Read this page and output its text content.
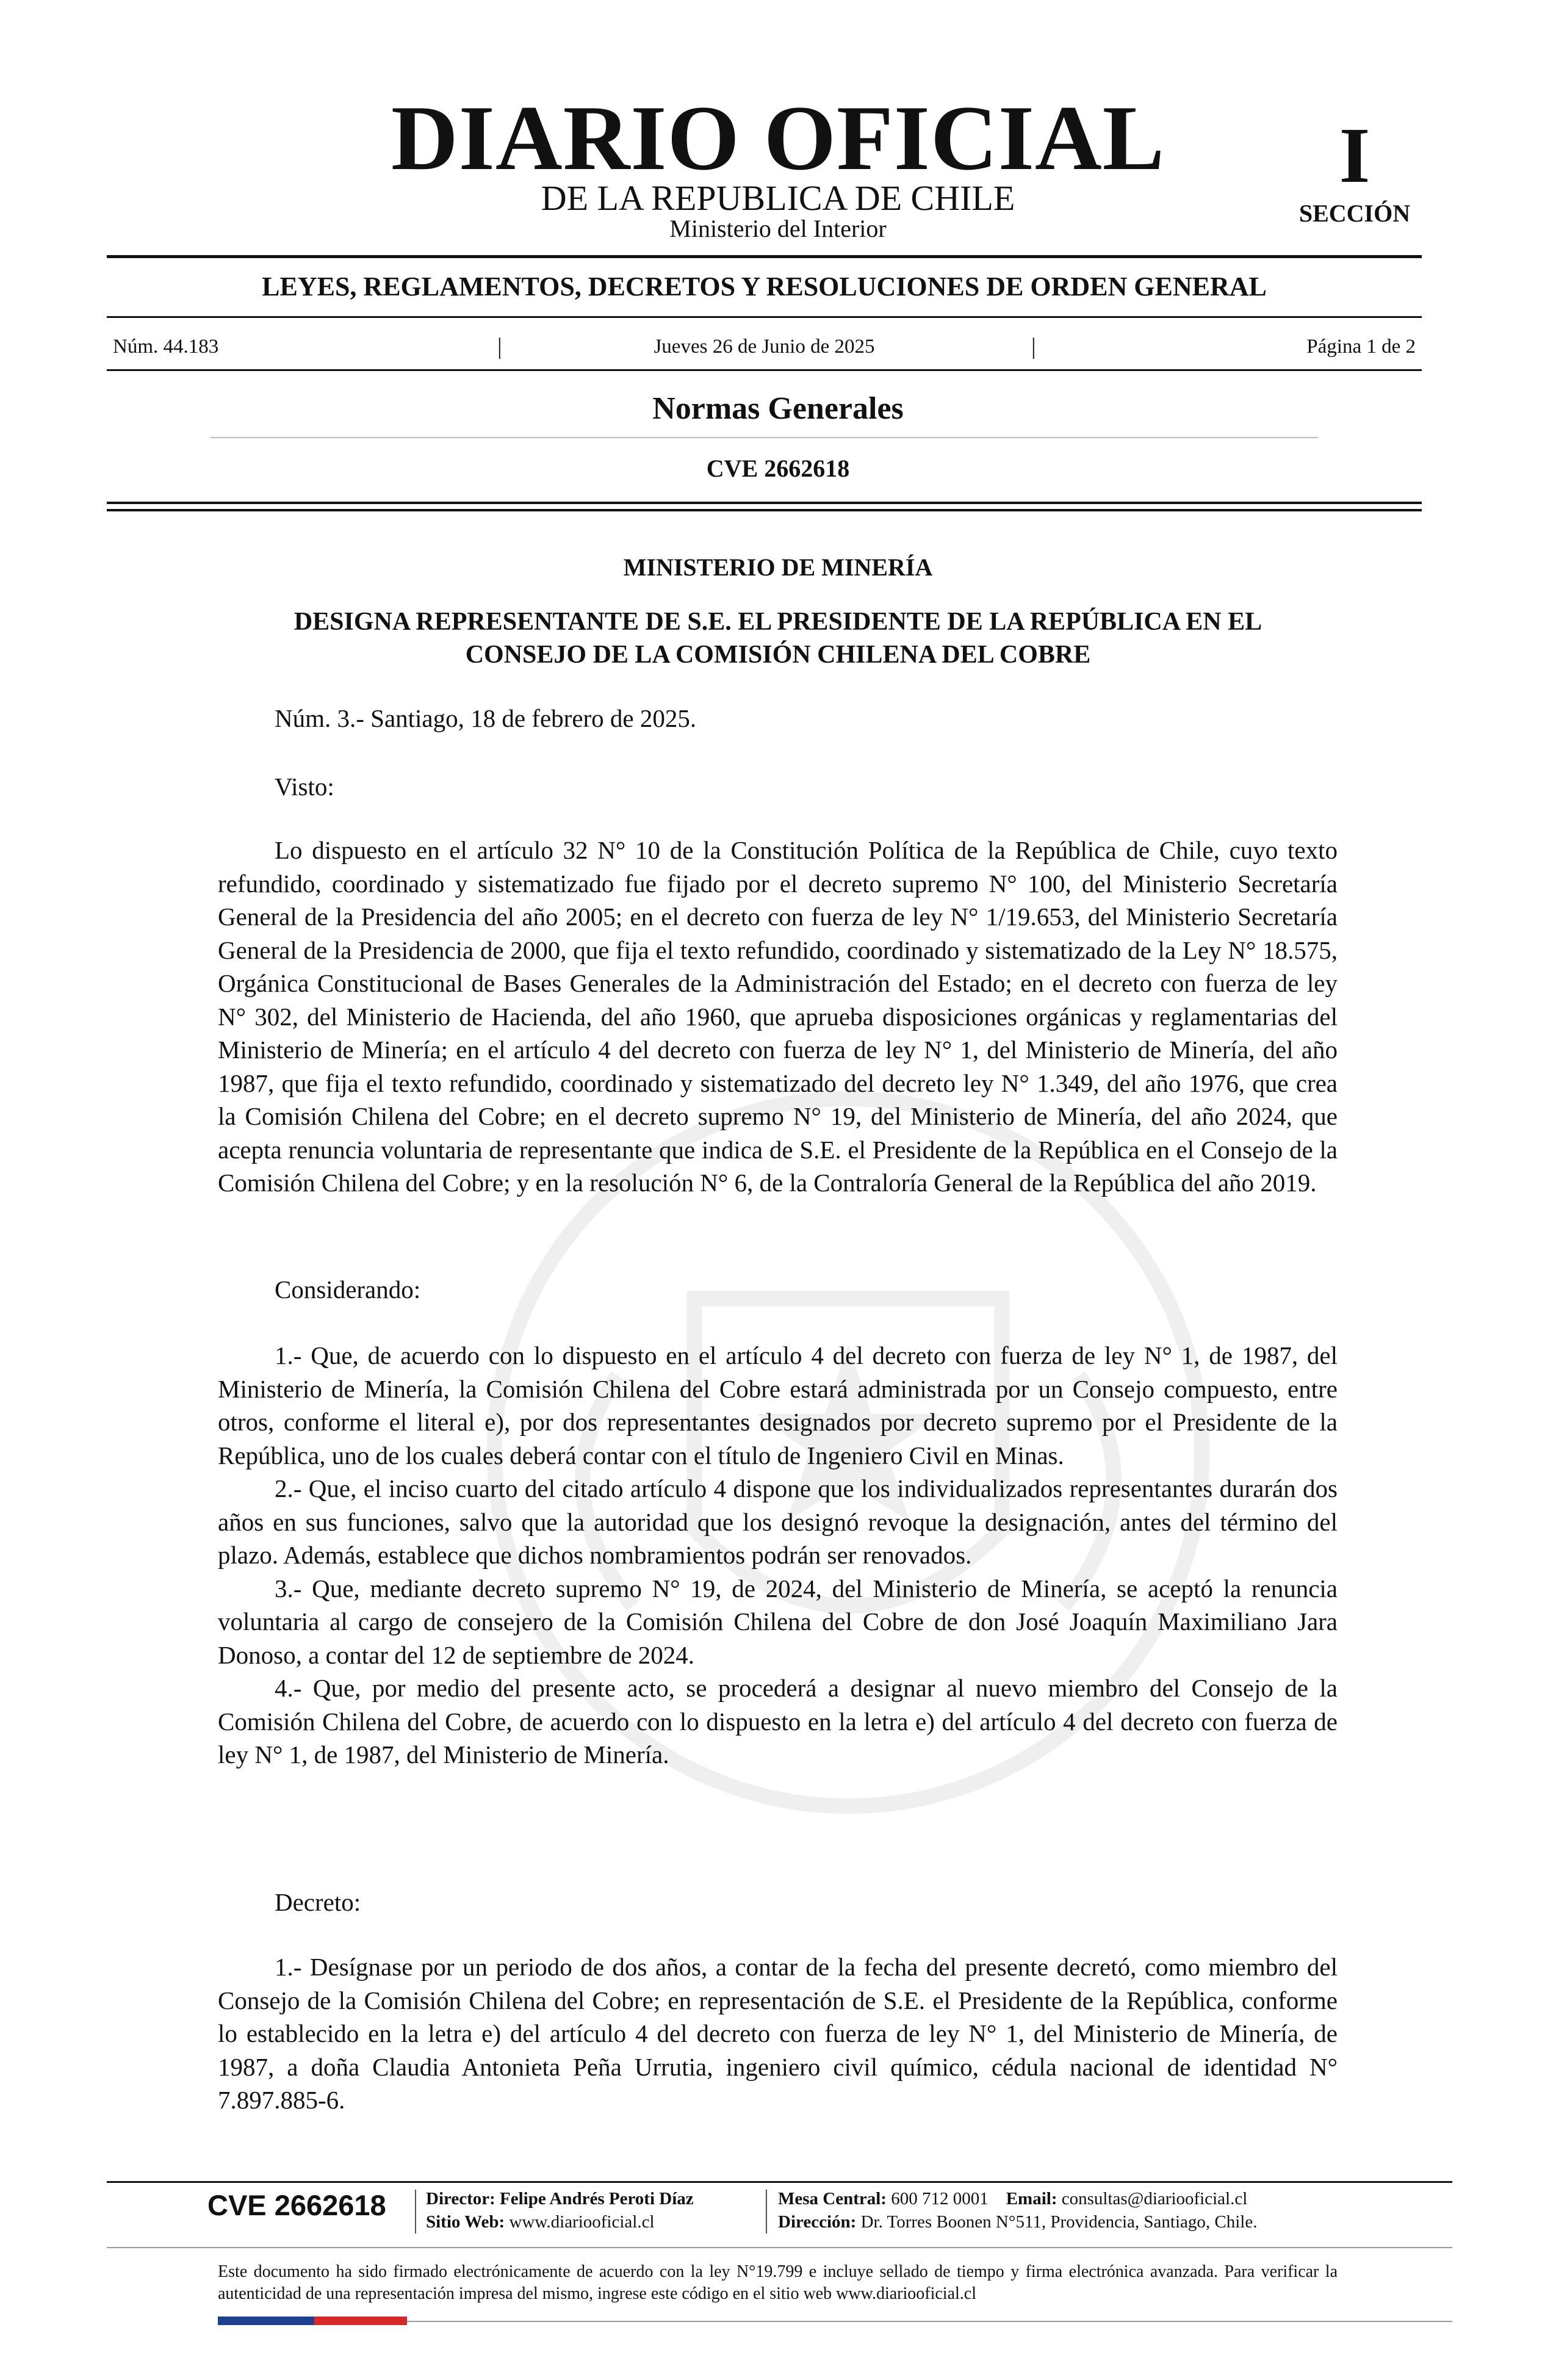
DIARIO OFICIAL
DE LA REPUBLICA DE CHILE
Ministerio del Interior
I
SECCIÓN
LEYES, REGLAMENTOS, DECRETOS Y RESOLUCIONES DE ORDEN GENERAL
Núm. 44.183	|	Jueves 26 de Junio de 2025	|	Página 1 de 2
Normas Generales
CVE 2662618
MINISTERIO DE MINERÍA
DESIGNA REPRESENTANTE DE S.E. EL PRESIDENTE DE LA REPÚBLICA EN EL
CONSEJO DE LA COMISIÓN CHILENA DEL COBRE

Núm. 3.- Santiago, 18 de febrero de 2025.

Visto:

Lo dispuesto en el artículo 32 N° 10 de la Constitución Política de la República de Chile, cuyo texto refundido, coordinado y sistematizado fue fijado por el decreto supremo N° 100, del Ministerio Secretaría General de la Presidencia del año 2005; en el decreto con fuerza de ley N° 1/19.653, del Ministerio Secretaría General de la Presidencia de 2000, que fija el texto refundido, coordinado y sistematizado de la Ley N° 18.575, Orgánica Constitucional de Bases Generales de la Administración del Estado; en el decreto con fuerza de ley N° 302, del Ministerio de Hacienda, del año 1960, que aprueba disposiciones orgánicas y reglamentarias del Ministerio de Minería; en el artículo 4 del decreto con fuerza de ley N° 1, del Ministerio de Minería, del año 1987, que fija el texto refundido, coordinado y sistematizado del decreto ley N° 1.349, del año 1976, que crea la Comisión Chilena del Cobre; en el decreto supremo N° 19, del Ministerio de Minería, del año 2024, que acepta renuncia voluntaria de representante que indica de S.E. el Presidente de la República en el Consejo de la Comisión Chilena del Cobre; y en la resolución N° 6, de la Contraloría General de la República del año 2019.

Considerando:

1.- Que, de acuerdo con lo dispuesto en el artículo 4 del decreto con fuerza de ley N° 1, de 1987, del Ministerio de Minería, la Comisión Chilena del Cobre estará administrada por un Consejo compuesto, entre otros, conforme el literal e), por dos representantes designados por decreto supremo por el Presidente de la República, uno de los cuales deberá contar con el título de Ingeniero Civil en Minas.

2.- Que, el inciso cuarto del citado artículo 4 dispone que los individualizados representantes durarán dos años en sus funciones, salvo que la autoridad que los designó revoque la designación, antes del término del plazo. Además, establece que dichos nombramientos podrán ser renovados.

3.- Que, mediante decreto supremo N° 19, de 2024, del Ministerio de Minería, se aceptó la renuncia voluntaria al cargo de consejero de la Comisión Chilena del Cobre de don José Joaquín Maximiliano Jara Donoso, a contar del 12 de septiembre de 2024.

4.- Que, por medio del presente acto, se procederá a designar al nuevo miembro del Consejo de la Comisión Chilena del Cobre, de acuerdo con lo dispuesto en la letra e) del artículo 4 del decreto con fuerza de ley N° 1, de 1987, del Ministerio de Minería.

Decreto:

1.- Desígnase por un periodo de dos años, a contar de la fecha del presente decretó, como miembro del Consejo de la Comisión Chilena del Cobre; en representación de S.E. el Presidente de la República, conforme lo establecido en la letra e) del artículo 4 del decreto con fuerza de ley N° 1, del Ministerio de Minería, de 1987, a doña Claudia Antonieta Peña Urrutia, ingeniero civil químico, cédula nacional de identidad N° 7.897.885-6.

CVE 2662618 Director: Felipe Andrés Peroti Díaz
Sitio Web: www.diariooficial.cl
Mesa Central: 600 712 0001 Email: consultas@diariooficial.cl
Dirección: Dr. Torres Boonen N°511, Providencia, Santiago, Chile.
Este documento ha sido firmado electrónicamente de acuerdo con la ley N°19.799 e incluye sellado de tiempo y firma electrónica avanzada. Para verificar la autenticidad de una representación impresa del mismo, ingrese este código en el sitio web www.diariooficial.cl
